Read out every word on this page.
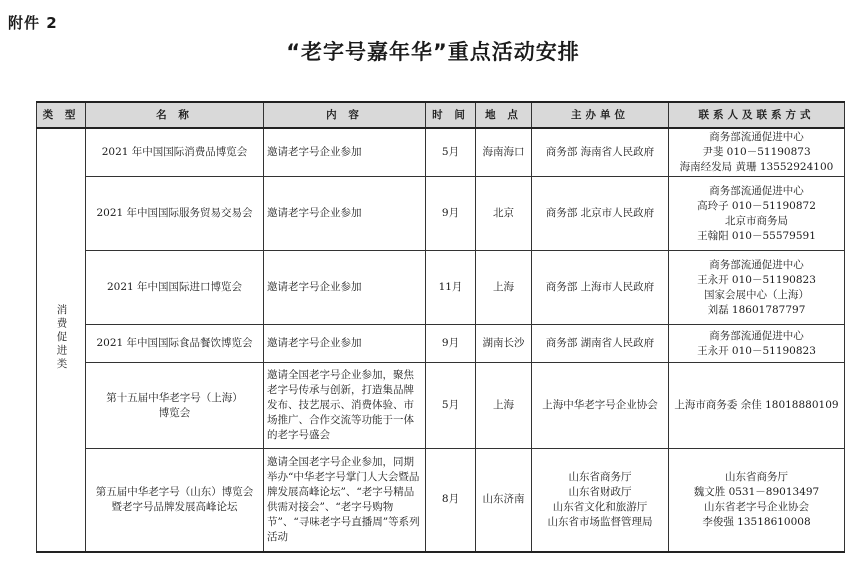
附件 2
“老字号嘉年华”重点活动安排
类 型	名 称	内 容	时 间	地 点	主办单位	联系人及联系方式
消费促进类	2021 年中国国际消费品博览会	邀请老字号企业参加	5月	海南海口	商务部 海南省人民政府	商务部流通促进中心
尹斐 010－51190873
海南经发局 黄珊 13552924100

	2021 年中国国际服务贸易交易会	邀请老字号企业参加	9月	北京	商务部 北京市人民政府	商务部流通促进中心
高玲子 010－51190872
北京市商务局
王翰阳 010－55579591

	2021 年中国国际进口博览会	邀请老字号企业参加	11月	上海	商务部 上海市人民政府	商务部流通促进中心
王永开 010－51190823
国家会展中心（上海）
刘磊 18601787797

	2021 年中国国际食品餐饮博览会	邀请老字号企业参加	9月	湖南长沙	商务部 湖南省人民政府	商务部流通促进中心
王永开 010－51190823

	第十五届中华老字号（上海）
博览会	邀请全国老字号企业参加，聚焦老字号传承与创新，打造集品牌发布、技艺展示、消费体验、市场推广、合作交流等功能于一体的老字号盛会	5月	上海	上海中华老字号企业协会	上海市商务委 余佳 18018880109

	第五届中华老字号（山东）博览会
暨老字号品牌发展高峰论坛	邀请全国老字号企业参加，同期举办“中华老字号掌门人大会暨品牌发展高峰论坛”、“老字号精品供需对接会”、“老字号购物节”、“寻味老字号直播周”等系列活动	8月	山东济南	山东省商务厅
山东省财政厅
山东省文化和旅游厅
山东省市场监督管理局	山东省商务厅
魏文胜 0531－89013497
山东省老字号企业协会
李俊强 13518610008
